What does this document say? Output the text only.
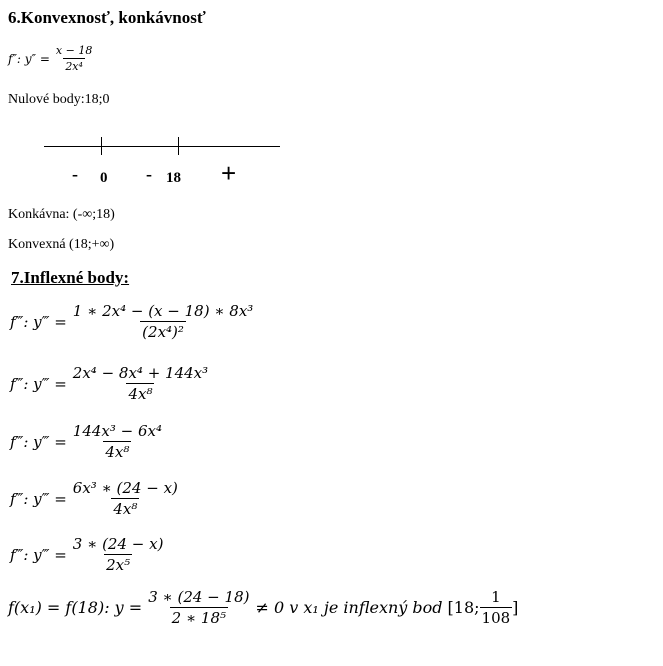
6.Konvexnosť, konkávnosť
f″: $y'' = \frac{x - 18}{\text{2x⁴}}$
Nulové body:18;0
- 0 - 18 +
Konkávna: (-∞;18)
Konvexná (18;+∞)
7.Inflexné body:
f‴: y‴ = $\frac{\text{1 ∗ 2x⁴ − (x − 18) ∗ 8x³}}{\text{(2x⁴)²}}$
f‴: y‴ = $\frac{\text{2x⁴ − 8x⁴ + 144x³}}{\text{4x⁸}}$
f‴: y‴ = $\frac{\text{144x³ − 6x⁴}}{\text{4x⁸}}$
f‴: y‴ = $\frac{\text{6x³ ∗ (24 − x)}}{\text{4x⁸}}$
f‴: y‴ = $\frac{3 ∗ (24 - x)}{\text{2x⁵}}$
f(x₁) = f(18): $y = \frac{3 ∗ (24 - 18)}{\text{2 ∗ 18⁵}} \ne 0$ v x₁ je inflexný bod [18; $\frac{1}{108}$ ]
